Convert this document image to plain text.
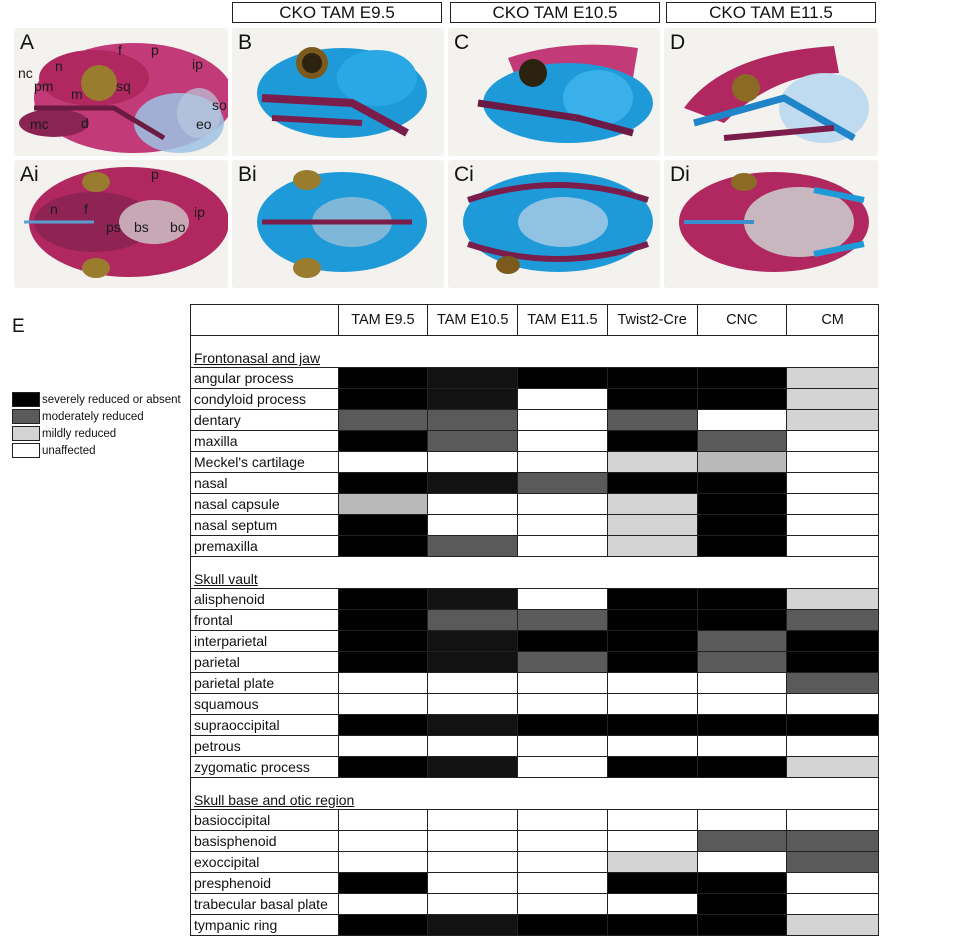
CKO TAM E9.5	CKO TAM E10.5	CKO TAM E11.5
A
nc n
f p
ip
pm m sq
so
mc d	eo
B	C	D
Ai	p
n f
ps bs bo
ip
Bi	Ci	Di
E
severely reduced or absent
moderately reduced
mildly reduced
unaffected
TAM E9.5	TAM E10.5	TAM E11.5	Twist2-Cre	CNC	CM
Frontonasal and jaw
angular process
condyloid process
dentary
maxilla
Meckel's cartilage
nasal
nasal capsule
nasal septum
premaxilla
Skull vault
alisphenoid
frontal
interparietal
parietal
parietal plate
squamous
supraoccipital
petrous
zygomatic process
Skull base and otic region
basioccipital
basisphenoid
exoccipital
presphenoid
trabecular basal plate
tympanic ring
